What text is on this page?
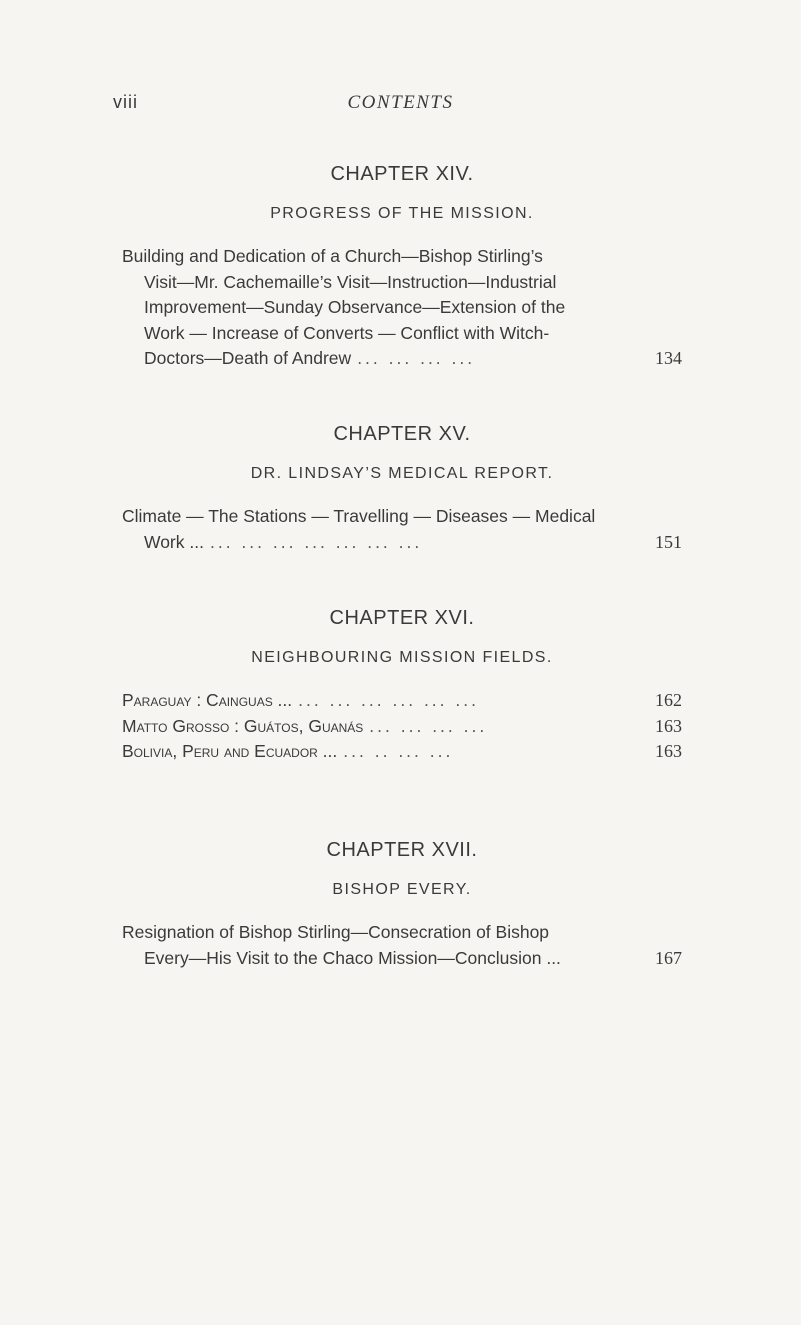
viii	CONTENTS

CHAPTER XIV.

PROGRESS OF THE MISSION.

Building and Dedication of a Church—Bishop Stirling’s
Visit—Mr. Cachemaille’s Visit—Instruction—Industrial
Improvement—Sunday Observance—Extension of the
Work — Increase of Converts — Conflict with Witch-
Doctors—Death of Andrew ... ... ... ...	134

CHAPTER XV.

DR. LINDSAY’S MEDICAL REPORT.

Climate — The Stations — Travelling — Diseases — Medical
Work ... ... ... ... ... ... ... ...	151

CHAPTER XVI.

NEIGHBOURING MISSION FIELDS.

Paraguay : Cainguas ... ... ... ... ... ... ...	162
Matto Grosso : Guátos, Guanás ... ... ... ...	163
Bolivia, Peru and Ecuador ... ... .. ... ...	163

CHAPTER XVII.

BISHOP EVERY.

Resignation of Bishop Stirling—Consecration of Bishop
Every—His Visit to the Chaco Mission—Conclusion ...	167
